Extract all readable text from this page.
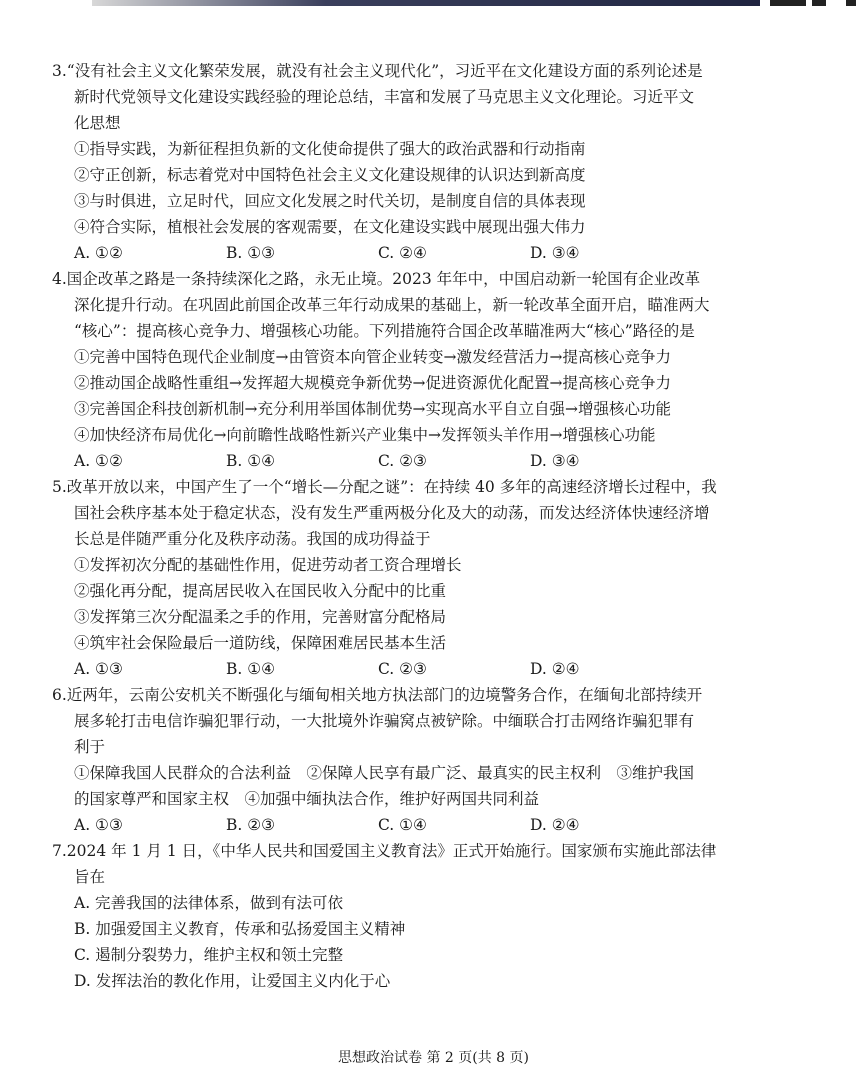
3. “没有社会主义文化繁荣发展，就没有社会主义现代化”，习近平在文化建设方面的系列论述是
新时代党领导文化建设实践经验的理论总结，丰富和发展了马克思主义文化理论。习近平文
化思想
①指导实践，为新征程担负新的文化使命提供了强大的政治武器和行动指南
②守正创新，标志着党对中国特色社会主义文化建设规律的认识达到新高度
③与时俱进，立足时代，回应文化发展之时代关切，是制度自信的具体表现
④符合实际，植根社会发展的客观需要，在文化建设实践中展现出强大伟力
A. ①②	B. ①③	C. ②④	D. ③④
4. 国企改革之路是一条持续深化之路，永无止境。2023 年年中，中国启动新一轮国有企业改革
深化提升行动。在巩固此前国企改革三年行动成果的基础上，新一轮改革全面开启，瞄准两大
“核心”：提高核心竞争力、增强核心功能。下列措施符合国企改革瞄准两大“核心”路径的是
①完善中国特色现代企业制度→由管资本向管企业转变→激发经营活力→提高核心竞争力
②推动国企战略性重组→发挥超大规模竞争新优势→促进资源优化配置→提高核心竞争力
③完善国企科技创新机制→充分利用举国体制优势→实现高水平自立自强→增强核心功能
④加快经济布局优化→向前瞻性战略性新兴产业集中→发挥领头羊作用→增强核心功能
A. ①②	B. ①④	C. ②③	D. ③④
5. 改革开放以来，中国产生了一个“增长—分配之谜”：在持续 40 多年的高速经济增长过程中，我
国社会秩序基本处于稳定状态，没有发生严重两极分化及大的动荡，而发达经济体快速经济增
长总是伴随严重分化及秩序动荡。我国的成功得益于
①发挥初次分配的基础性作用，促进劳动者工资合理增长
②强化再分配，提高居民收入在国民收入分配中的比重
③发挥第三次分配温柔之手的作用，完善财富分配格局
④筑牢社会保险最后一道防线，保障困难居民基本生活
A. ①③	B. ①④	C. ②③	D. ②④
6. 近两年，云南公安机关不断强化与缅甸相关地方执法部门的边境警务合作，在缅甸北部持续开
展多轮打击电信诈骗犯罪行动，一大批境外诈骗窝点被铲除。中缅联合打击网络诈骗犯罪有
利于
①保障我国人民群众的合法利益　②保障人民享有最广泛、最真实的民主权利　③维护我国
的国家尊严和国家主权　④加强中缅执法合作，维护好两国共同利益
A. ①③	B. ②③	C. ①④	D. ②④
7. 2024 年 1 月 1 日，《中华人民共和国爱国主义教育法》正式开始施行。国家颁布实施此部法律
旨在
A. 完善我国的法律体系，做到有法可依
B. 加强爱国主义教育，传承和弘扬爱国主义精神
C. 遏制分裂势力，维护主权和领土完整
D. 发挥法治的教化作用，让爱国主义内化于心
思想政治试卷 第 2 页(共 8 页)
